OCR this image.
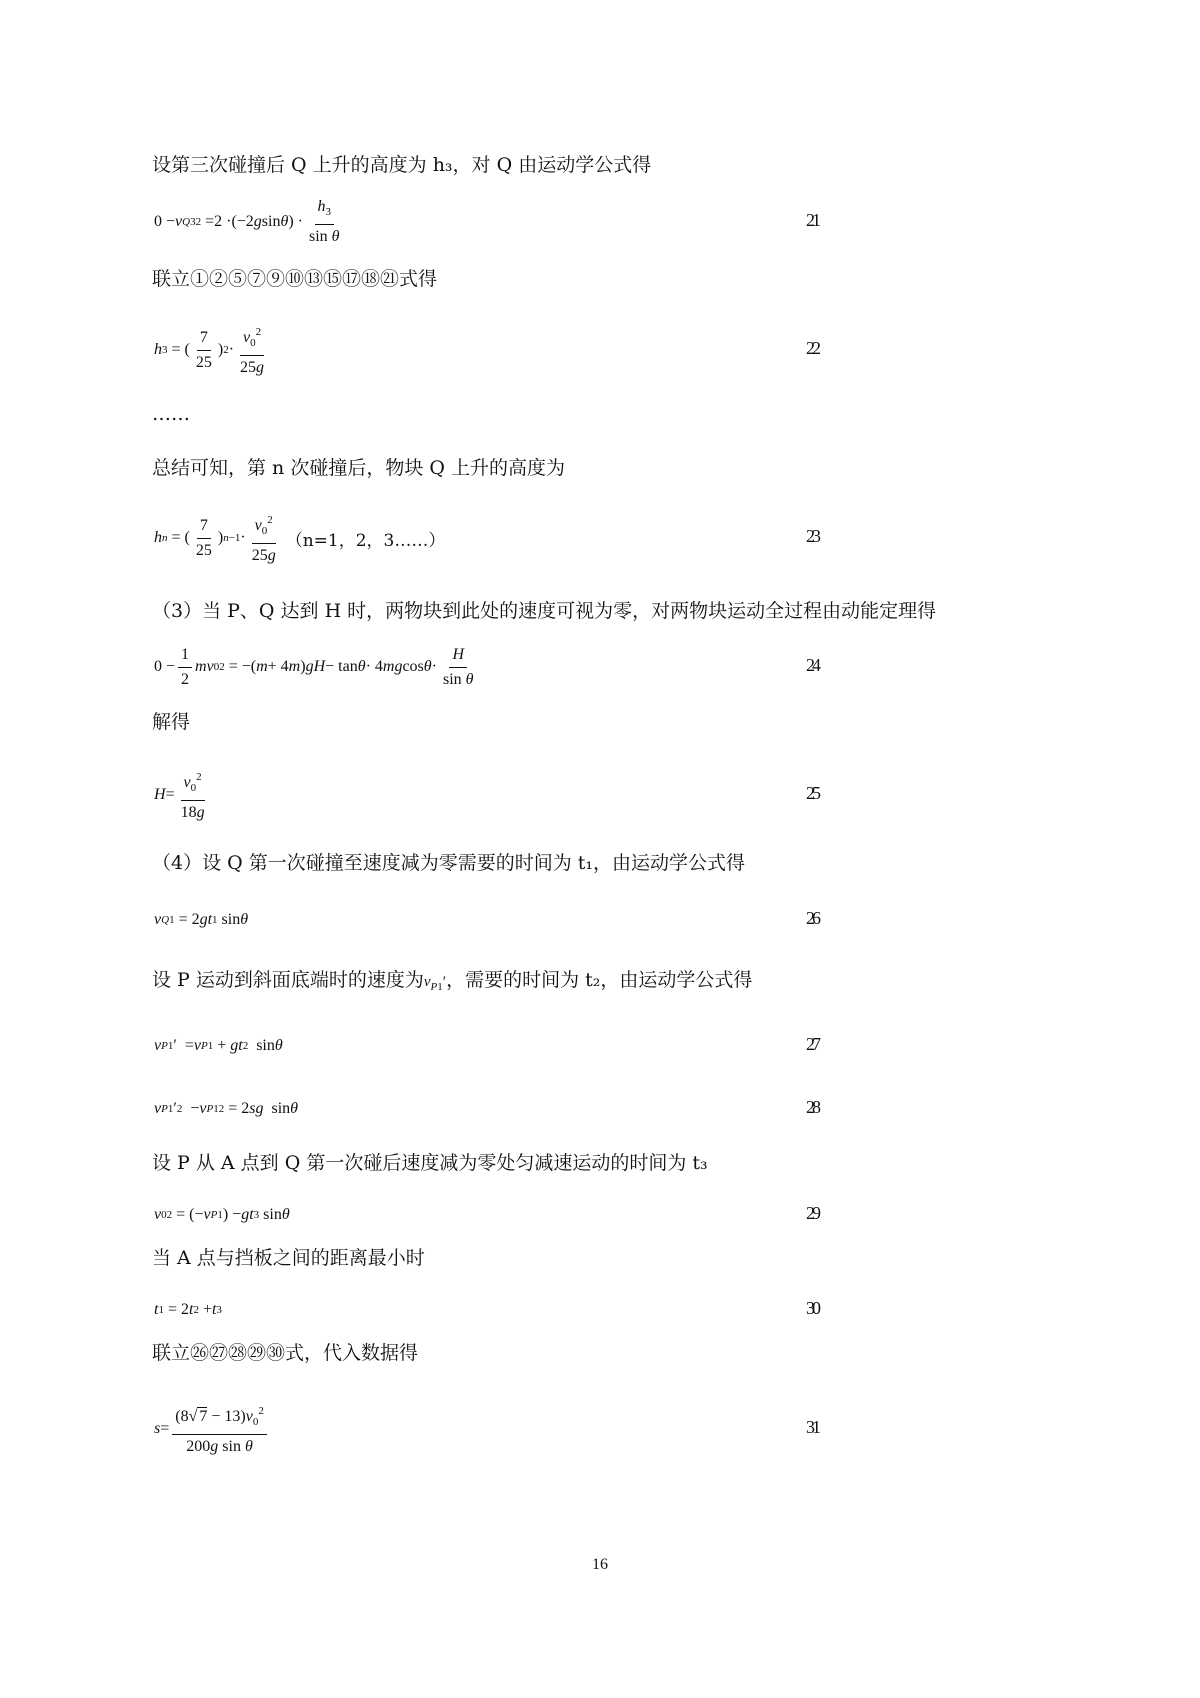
设第三次碰撞后 Q 上升的高度为 h₃，对 Q 由运动学公式得
0 − v Q3 2 =2 ·(−2 g sin θ ) · $\frac{h_3}{\text{sin θ}}$	21
联立①②⑤⑦⑨⑩⑬⑮⑰⑱㉑式得
h 3 = ( $\frac{7}{25}$ ) $2 \cdot \frac{v_0^2}{25g}$	22
……
总结可知，第 n 次碰撞后，物块 Q 上升的高度为
h n = ( $\frac{7}{25}$ ) $n-1 \cdot \frac{v_0^2}{25g}$
（n=1，2，3……）	23
（3）当 P、Q 达到 H 时，两物块到此处的速度可视为零，对两物块运动全过程由动能定理得
$0 - \frac{1}{2}$ m v 0 2 = −( m + 4 m ) gH − tan θ · 4 mg $\cos \theta \cdot \frac{H}{\text{sin θ}}$	24
解得
$H = \frac{v_0^2}{18g}$	25
（4）设 Q 第一次碰撞至速度减为零需要的时间为 t₁，由运动学公式得
v Q1 = 2 gt 1 sin θ	26
设 P 运动到斜面底端时的速度为$v_{P1}'$，需要的时间为 t₂，由运动学公式得
v P1 ′  = v P1 + gt 2 sin θ	27
v P1 ′ 2 − v P1 2 = 2 sg sin θ	28
设 P 从 A 点到 Q 第一次碰后速度减为零处匀减速运动的时间为 t₃
v 02 = (− v P1 ) − gt 3 sin θ	29
当 A 点与挡板之间的距离最小时
t 1 = 2 t 2 + t 3	30
联立㉖㉗㉘㉙㉚式，代入数据得
$s = \frac{(8√ 7 - 13)v_0^2}{\text{200g sin θ}}$	31
16
